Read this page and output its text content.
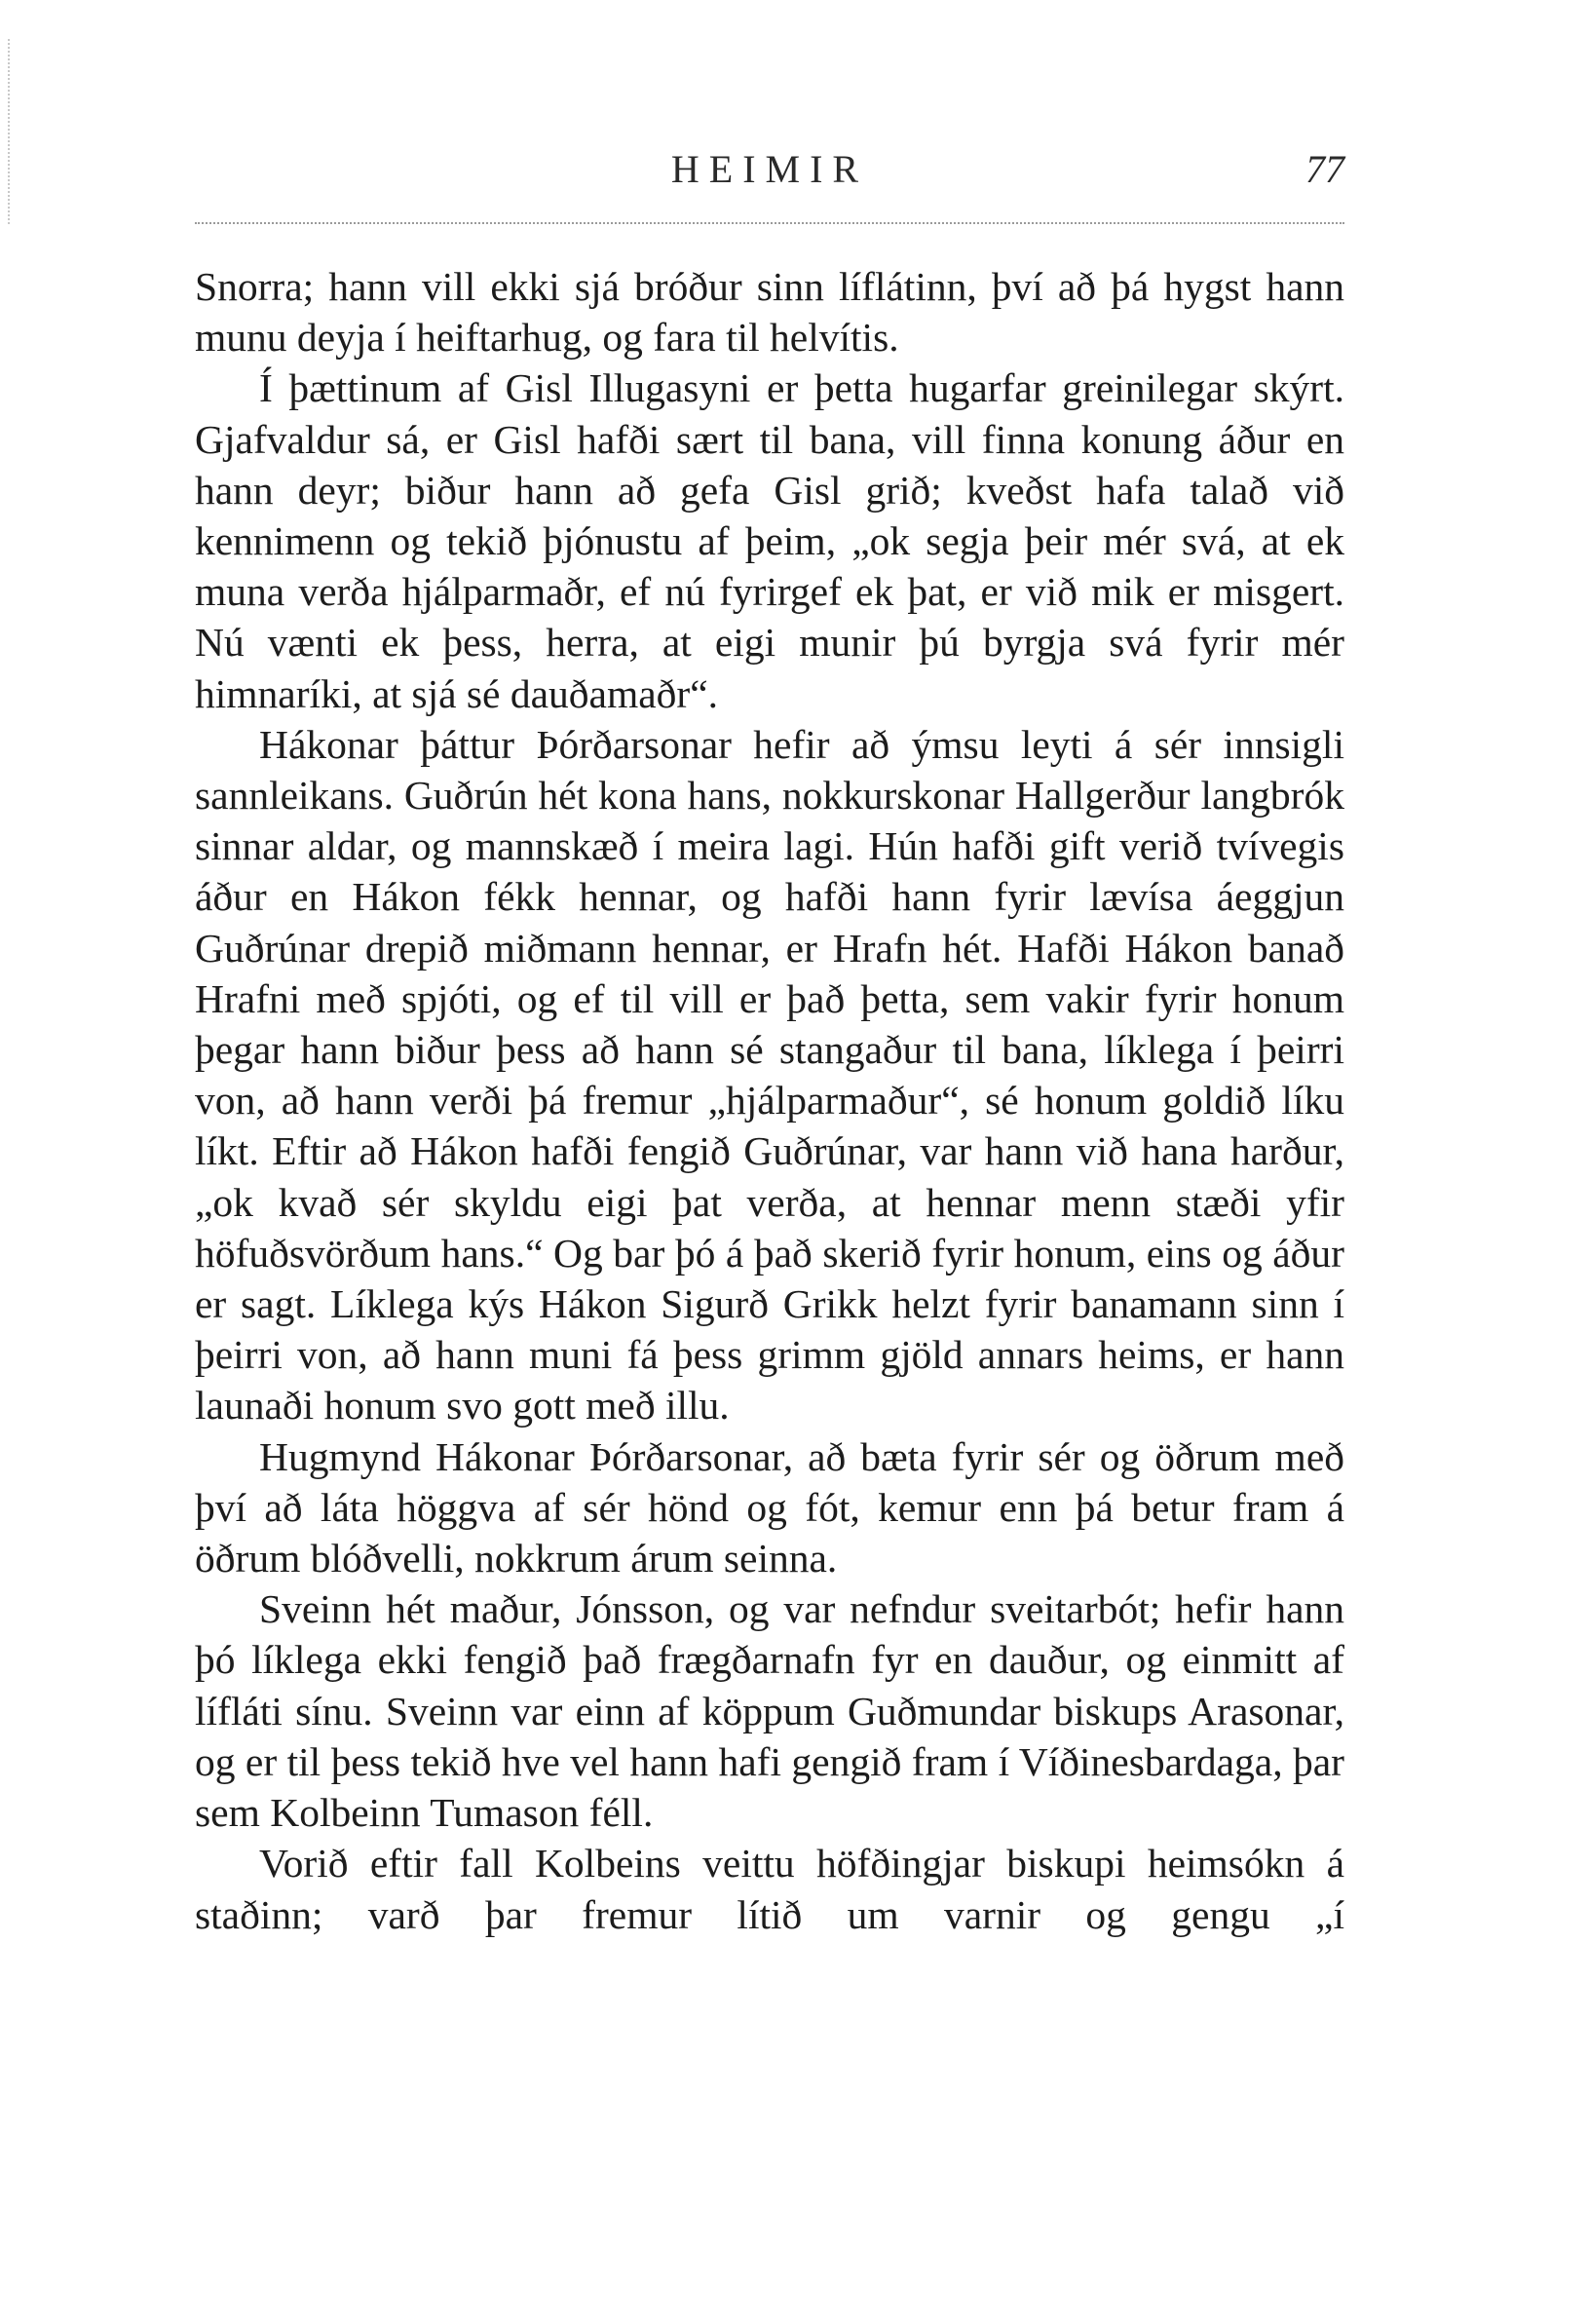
HEIMIR	77

Snorra; hann vill ekki sjá bróður sinn líflátinn, því að þá hygst hann munu deyja í heiftarhug, og fara til helvítis.

Í þættinum af Gisl Illugasyni er þetta hugarfar greinilegar skýrt. Gjafvaldur sá, er Gisl hafði sært til bana, vill finna konung áður en hann deyr; biður hann að gefa Gisl grið; kveðst hafa talað við kennimenn og tekið þjónustu af þeim, „ok segja þeir mér svá, at ek muna verða hjálparmaðr, ef nú fyrirgef ek þat, er við mik er misgert. Nú vænti ek þess, herra, at eigi munir þú byrgja svá fyrir mér himnaríki, at sjá sé dauðamaðr“.

Hákonar þáttur Þórðarsonar hefir að ýmsu leyti á sér innsigli sannleikans. Guðrún hét kona hans, nokkurskonar Hallgerður langbrók sinnar aldar, og mannskæð í meira lagi. Hún hafði gift verið tvívegis áður en Hákon fékk hennar, og hafði hann fyrir lævísa áeggjun Guðrúnar drepið miðmann hennar, er Hrafn hét. Hafði Hákon banað Hrafni með spjóti, og ef til vill er það þetta, sem vakir fyrir honum þegar hann biður þess að hann sé stangaður til bana, líklega í þeirri von, að hann verði þá fremur „hjálparmaður“, sé honum goldið líku líkt. Eftir að Hákon hafði fengið Guðrúnar, var hann við hana harður, „ok kvað sér skyldu eigi þat verða, at hennar menn stæði yfir höfuðsvörðum hans.“ Og bar þó á það skerið fyrir honum, eins og áður er sagt. Líklega kýs Hákon Sigurð Grikk helzt fyrir banamann sinn í þeirri von, að hann muni fá þess grimm gjöld annars heims, er hann launaði honum svo gott með illu.

Hugmynd Hákonar Þórðarsonar, að bæta fyrir sér og öðrum með því að láta höggva af sér hönd og fót, kemur enn þá betur fram á öðrum blóðvelli, nokkrum árum seinna.

Sveinn hét maður, Jónsson, og var nefndur sveitarbót; hefir hann þó líklega ekki fengið það frægðarnafn fyr en dauður, og einmitt af lífláti sínu. Sveinn var einn af köppum Guðmundar biskups Arasonar, og er til þess tekið hve vel hann hafi gengið fram í Víðinesbardaga, þar sem Kolbeinn Tumason féll.

Vorið eftir fall Kolbeins veittu höfðingjar biskupi heimsókn á staðinn; varð þar fremur lítið um varnir og gengu „í
